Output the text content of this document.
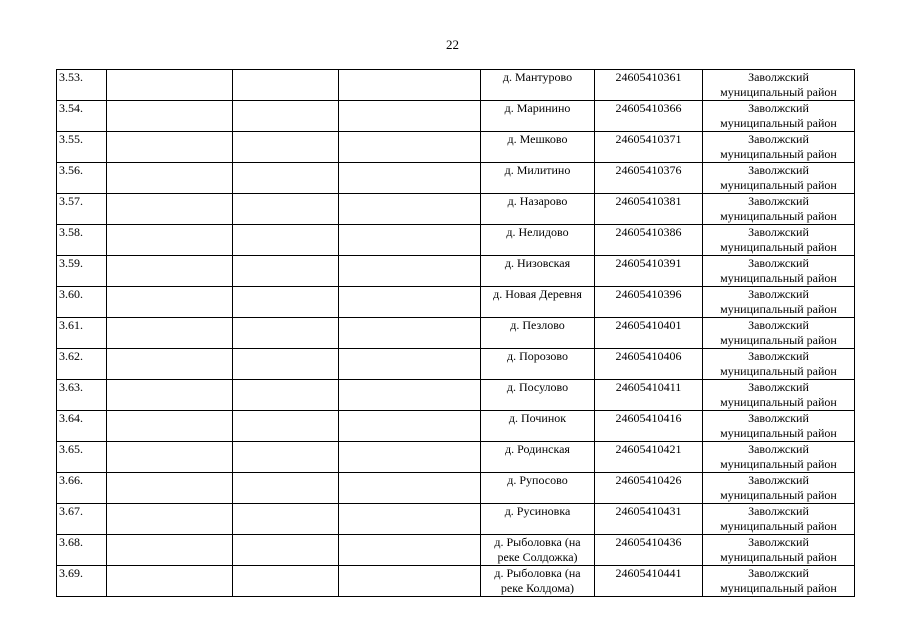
22
3.53.				д. Мантурово	24605410361	Заволжский муниципальный район
3.54.				д. Маринино	24605410366	Заволжский муниципальный район
3.55.				д. Мешково	24605410371	Заволжский муниципальный район
3.56.				д. Милитино	24605410376	Заволжский муниципальный район
3.57.				д. Назарово	24605410381	Заволжский муниципальный район
3.58.				д. Нелидово	24605410386	Заволжский муниципальный район
3.59.				д. Низовская	24605410391	Заволжский муниципальный район
3.60.				д. Новая Деревня	24605410396	Заволжский муниципальный район
3.61.				д. Пезлово	24605410401	Заволжский муниципальный район
3.62.				д. Порозово	24605410406	Заволжский муниципальный район
3.63.				д. Посулово	24605410411	Заволжский муниципальный район
3.64.				д. Починок	24605410416	Заволжский муниципальный район
3.65.				д. Родинская	24605410421	Заволжский муниципальный район
3.66.				д. Рупосово	24605410426	Заволжский муниципальный район
3.67.				д. Русиновка	24605410431	Заволжский муниципальный район
3.68.				д. Рыболовка (на реке Солдожка)	24605410436	Заволжский муниципальный район
3.69.				д. Рыболовка (на реке Колдома)	24605410441	Заволжский муниципальный район
